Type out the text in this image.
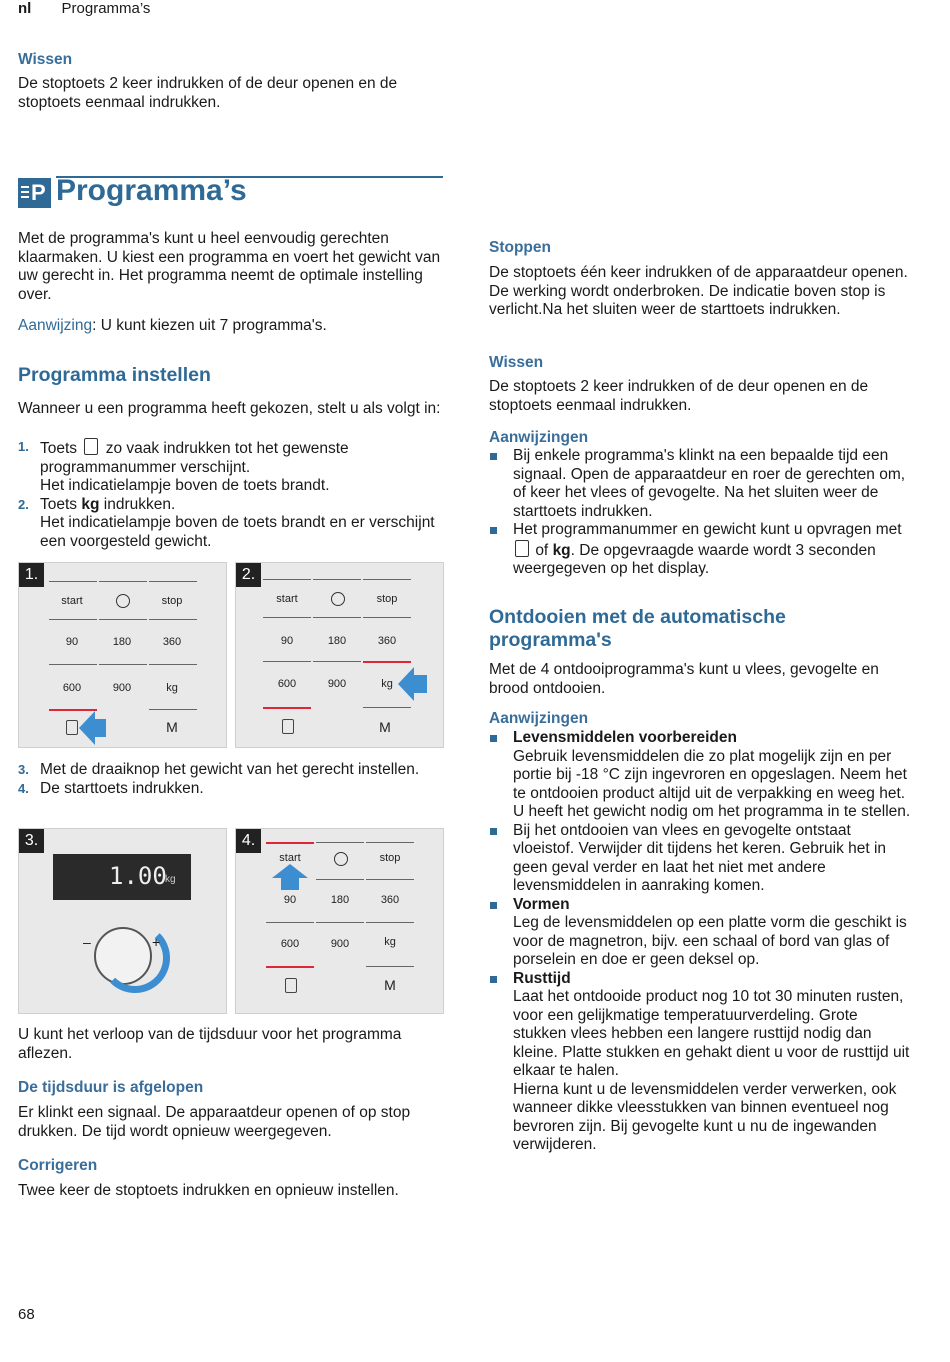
nl Programma’s
Wissen
De stoptoets 2 keer indrukken of de deur openen en de stoptoets eenmaal indrukken.
P Programma’s
Met de programma's kunt u heel eenvoudig gerechten klaarmaken. U kiest een programma en voert het gewicht van uw gerecht in. Het programma neemt de optimale instelling over.
Aanwijzing: U kunt kiezen uit 7 programma's.
Programma instellen
Wanneer u een programma heeft gekozen, stelt u als volgt in:
1. Toets zo vaak indrukken tot het gewenste programmanummer verschijnt.
Het indicatielampje boven de toets brandt.
2. Toets kg indrukken.
Het indicatielampje boven de toets brandt en er verschijnt een voorgesteld gewicht.
1.
start	stop
90	180	360
600	900	kg
M
2.
start	stop
90	180	360
600	900	kg
M
3. Met de draaiknop het gewicht van het gerecht instellen.
4. De starttoets indrukken.
3.
1.00
kg
–	+
4.
start	stop
90	180	360
600	900	kg
M
U kunt het verloop van de tijdsduur voor het programma aflezen.
De tijdsduur is afgelopen
Er klinkt een signaal. De apparaatdeur openen of op stop drukken. De tijd wordt opnieuw weergegeven.
Corrigeren
Twee keer de stoptoets indrukken en opnieuw instellen.
Stoppen
De stoptoets één keer indrukken of de apparaatdeur openen. De werking wordt onderbroken. De indicatie boven stop is verlicht.Na het sluiten weer de starttoets indrukken.
Wissen
De stoptoets 2 keer indrukken of de deur openen en de stoptoets eenmaal indrukken.
Aanwijzingen
Bij enkele programma's klinkt na een bepaalde tijd een signaal. Open de apparaatdeur en roer de gerechten om, of keer het vlees of gevogelte. Na het sluiten weer de starttoets indrukken.
Het programmanummer en gewicht kunt u opvragen met  of kg. De opgevraagde waarde wordt 3 seconden weergegeven op het display.
Ontdooien met de automatische programma's
Met de 4 ontdooiprogramma's kunt u vlees, gevogelte en brood ontdooien.
Aanwijzingen
Levensmiddelen voorbereiden
Gebruik levensmiddelen die zo plat mogelijk zijn en per portie bij -18 °C zijn ingevroren en opgeslagen. Neem het te ontdooien product altijd uit de verpakking en weeg het. U heeft het gewicht nodig om het programma in te stellen.
Bij het ontdooien van vlees en gevogelte ontstaat vloeistof. Verwijder dit tijdens het keren. Gebruik het in geen geval verder en laat het niet met andere levensmiddelen in aanraking komen.
Vormen
Leg de levensmiddelen op een platte vorm die geschikt is voor de magnetron, bijv. een schaal of bord van glas of porselein en doe er geen deksel op.
Rusttijd
Laat het ontdooide product nog 10 tot 30 minuten rusten, voor een gelijkmatige temperatuurverdeling. Grote stukken vlees hebben een langere rusttijd nodig dan kleine. Platte stukken en gehakt dient u voor de rusttijd uit elkaar te halen.
Hierna kunt u de levensmiddelen verder verwerken, ook wanneer dikke vleesstukken van binnen eventueel nog bevroren zijn. Bij gevogelte kunt u nu de ingewanden verwijderen.
68
